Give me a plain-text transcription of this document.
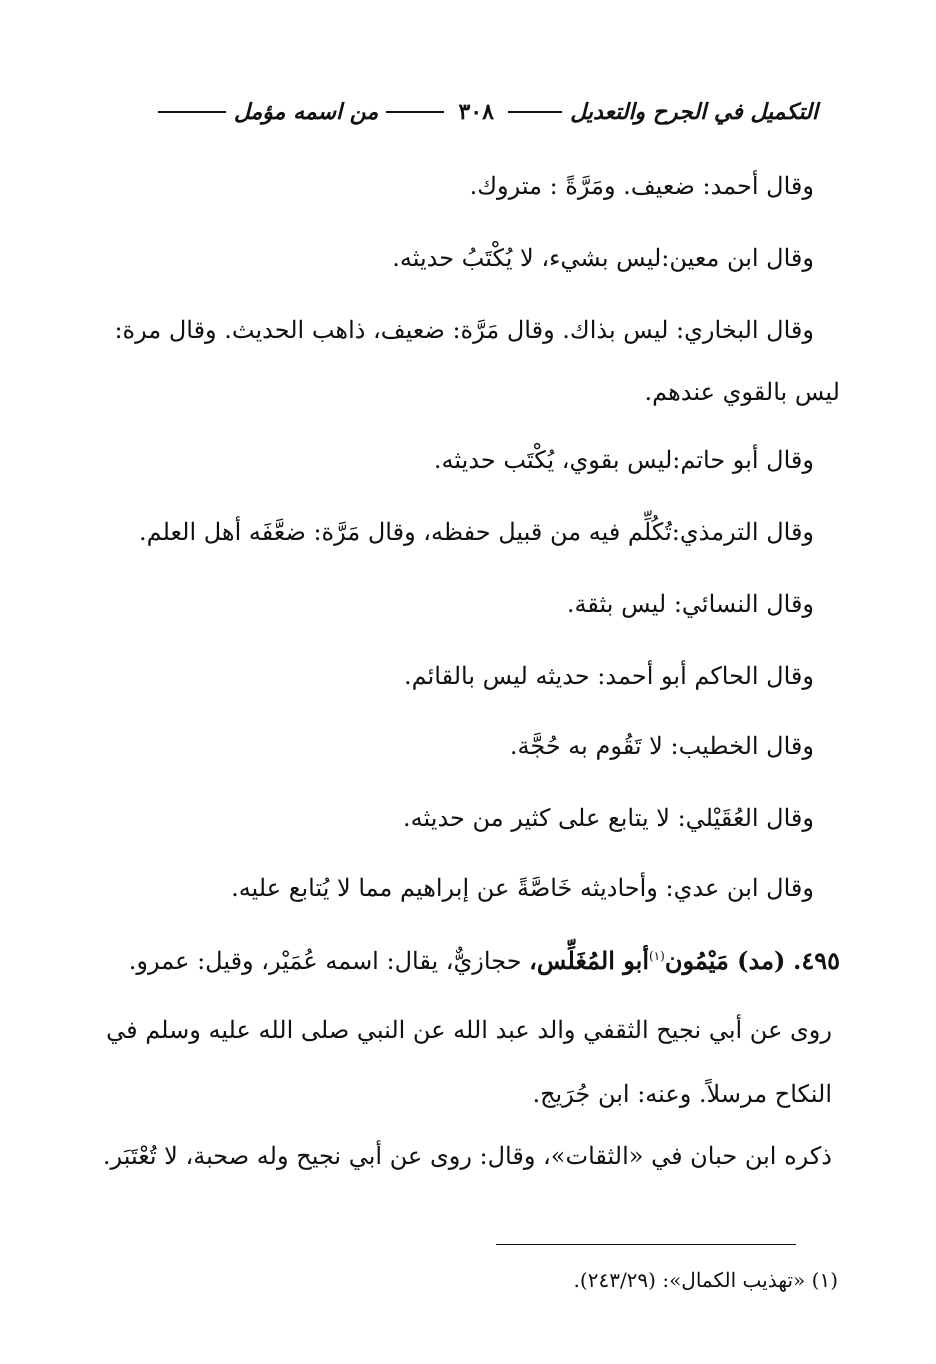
التكميل في الجرح والتعديل
٣٠٨
من اسمه مؤمل
وقال أحمد: ضعيف. ومَرَّةً : متروك.
وقال ابن معين:ليس بشيء، لا يُكْتَبُ حديثه.
وقال البخاري: ليس بذاك. وقال مَرَّة: ضعيف، ذاهب الحديث. وقال مرة:
ليس بالقوي عندهم.
وقال أبو حاتم:ليس بقوي، يُكْتَب حديثه.
وقال الترمذي:تُكُلِّم فيه من قبيل حفظه، وقال مَرَّة: ضعَّفَه أهل العلم.
وقال النسائي: ليس بثقة.
وقال الحاكم أبو أحمد: حديثه ليس بالقائم.
وقال الخطيب: لا تَقُوم به حُجَّة.
وقال العُقَيْلي: لا يتابع على كثير من حديثه.
وقال ابن عدي: وأحاديثه خَاصَّةً عن إبراهيم مما لا يُتابع عليه.
٤٩٥. (مد) مَيْمُون$^{(١)}$أبو المُغَلِّس، حجازيٌّ، يقال: اسمه عُمَيْر، وقيل: عمرو.
روى عن أبي نجيح الثقفي والد عبد الله عن النبي صلى الله عليه وسلم في
النكاح مرسلاً. وعنه: ابن جُرَيج.
ذكره ابن حبان في «الثقات»، وقال: روى عن أبي نجيح وله صحبة، لا تُعْتَبَر.
(١) «تهذيب الكمال»: (٢٤٣/٢٩).
